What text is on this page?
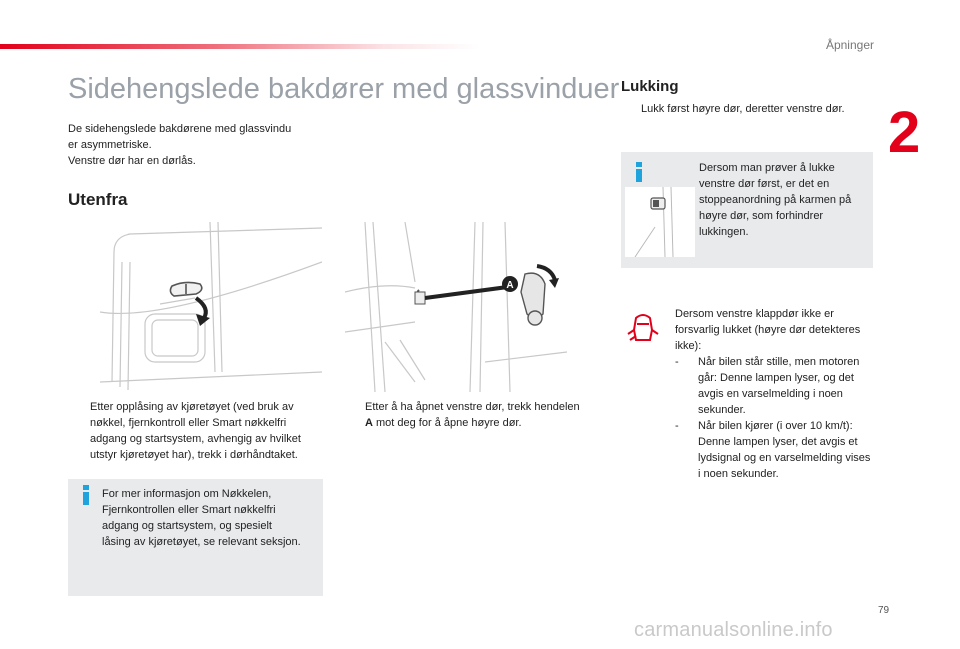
Åpninger
2
Sidehengslede bakdører med glassvinduer
De sidehengslede bakdørene med glassvindu
er asymmetriske.
Venstre dør har en dørlås.
Utenfra
A
Etter opplåsing av kjøretøyet (ved bruk av nøkkel, fjernkontroll eller Smart nøkkelfri adgang og startsystem, avhengig av hvilket utstyr kjøretøyet har), trekk i dørhåndtaket.
Etter å ha åpnet venstre dør, trekk hendelen A mot deg for å åpne høyre dør.
For mer informasjon om Nøkkelen, Fjernkontrollen eller Smart nøkkelfri adgang og startsystem, og spesielt låsing av kjøretøyet, se relevant seksjon.
Lukking
Lukk først høyre dør, deretter venstre dør.
Dersom man prøver å lukke venstre dør først, er det en stoppeanordning på karmen på høyre dør, som forhindrer lukkingen.
Dersom venstre klappdør ikke er forsvarlig lukket (høyre dør detekteres ikke):
- Når bilen står stille, men motoren går: Denne lampen lyser, og det avgis en varselmelding i noen sekunder.
- Når bilen kjører (i over 10 km/t): Denne lampen lyser, det avgis et lydsignal og en varselmelding vises i noen sekunder.
79
carmanualsonline.info
